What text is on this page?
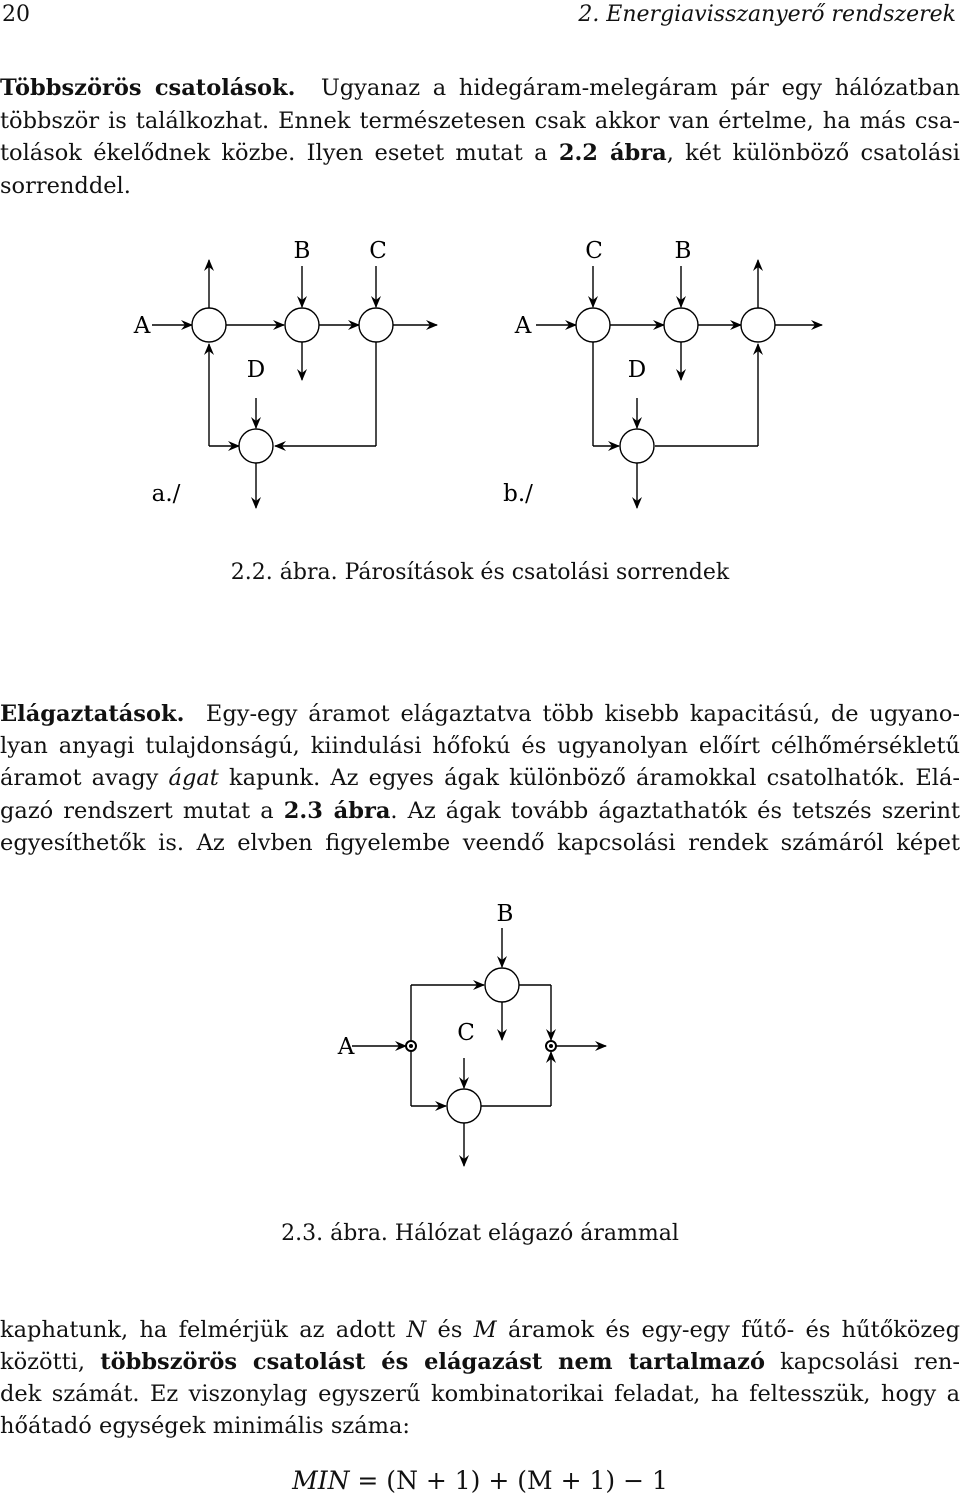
20	2. Energiavisszanyerő rendszerek

Többszörös csatolások. Ugyanaz a hidegáram-melegáram pár egy hálózatban

többször is találkozhat. Ennek természetesen csak akkor van értelme, ha más csa-

tolások ékelődnek közbe. Ilyen esetet mutat a 2.2 ábra, két különböző csatolási

sorrenddel.

B	C
A
D
C	B
A
D
a./	b./
2.2. ábra. Párosítások és csatolási sorrendek

Elágaztatások. Egy-egy áramot elágaztatva több kisebb kapacitású, de ugyano-

lyan anyagi tulajdonságú, kiindulási hőfokú és ugyanolyan előírt célhőmérsékletű

áramot avagy ágat kapunk. Az egyes ágak különböző áramokkal csatolhatók. Elá-

gazó rendszert mutat a 2.3 ábra. Az ágak tovább ágaztathatók és tetszés szerint

egyesíthetők is. Az elvben figyelembe veendő kapcsolási rendek számáról képet

B
A
C
2.3. ábra. Hálózat elágazó árammal

kaphatunk, ha felmérjük az adott N és M áramok és egy-egy fűtő- és hűtőközeg

közötti, többszörös csatolást és elágazást nem tartalmazó kapcsolási ren-

dek számát. Ez viszonylag egyszerű kombinatorikai feladat, ha feltesszük, hogy a

hőátadó egységek minimális száma:

MIN = (N + 1) + (M + 1) − 1
